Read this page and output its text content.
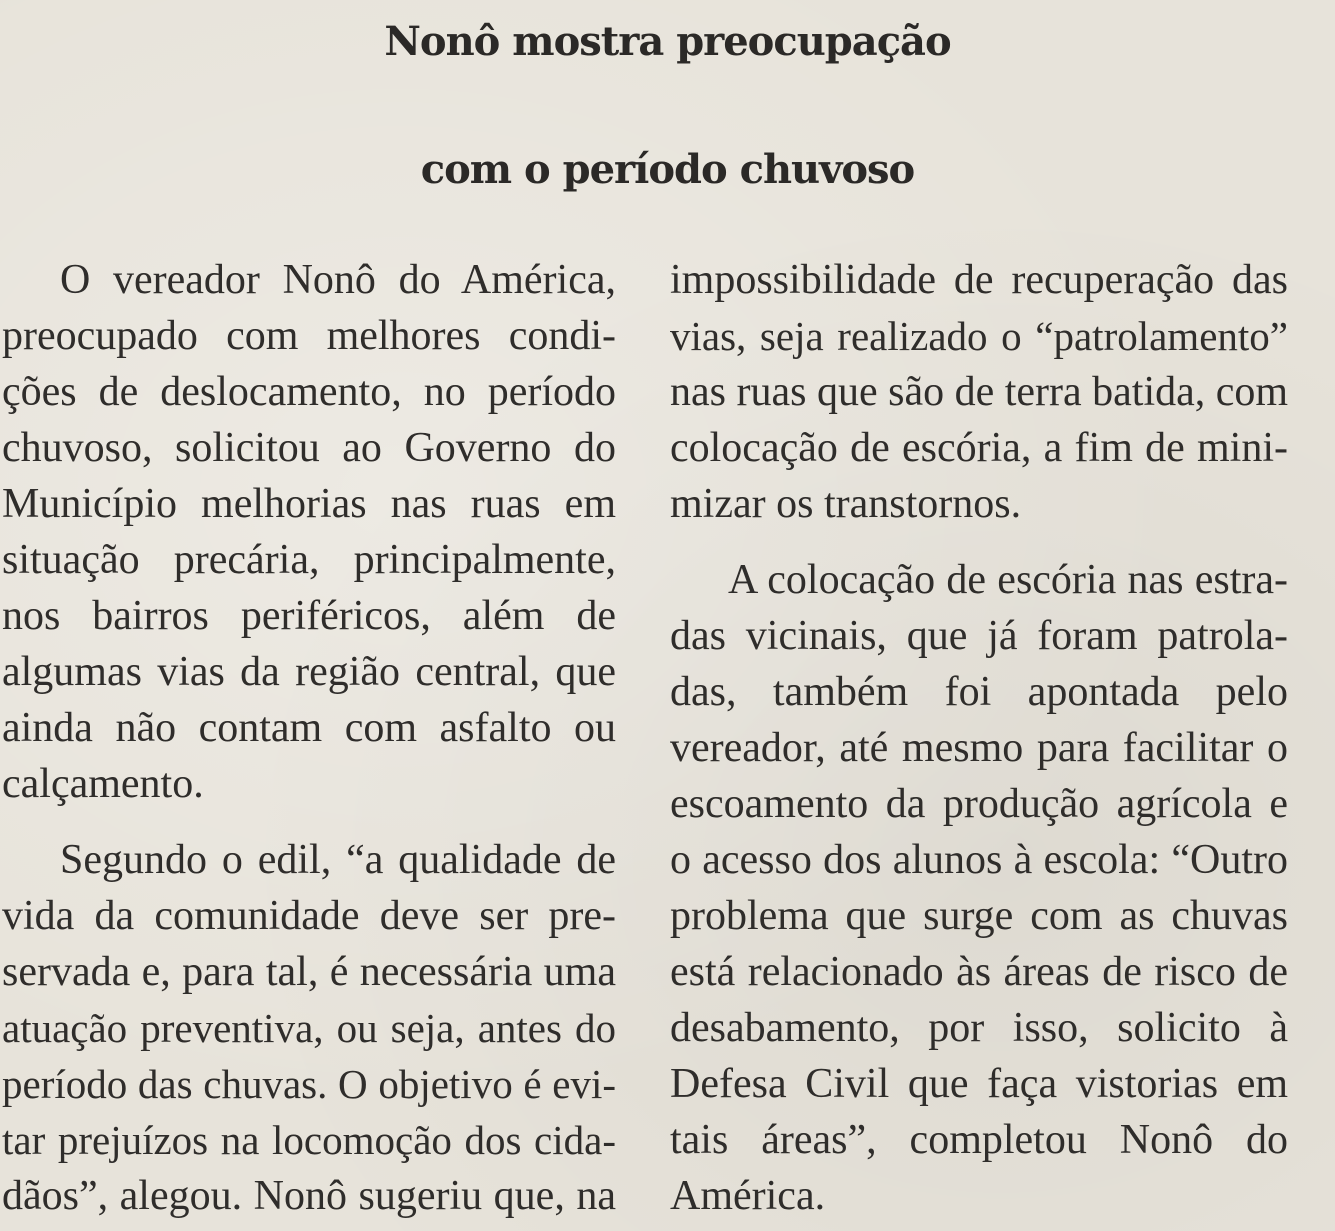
Nonô mostra preocupação
com o período chuvoso
O vereador Nonô do América,
preocupado com melhores condi-
ções de deslocamento, no período
chuvoso, solicitou ao Governo do
Município melhorias nas ruas em
situação precária, principalmente,
nos bairros periféricos, além de
algumas vias da região central, que
ainda não contam com asfalto ou
calçamento.
Segundo o edil, “a qualidade de
vida da comunidade deve ser pre-
servada e, para tal, é necessária uma
atuação preventiva, ou seja, antes do
período das chuvas. O objetivo é evi-
tar prejuízos na locomoção dos cida-
dãos”, alegou. Nonô sugeriu que, na
impossibilidade de recuperação das
vias, seja realizado o “patrolamento”
nas ruas que são de terra batida, com
colocação de escória, a fim de mini-
mizar os transtornos.
A colocação de escória nas estra-
das vicinais, que já foram patrola-
das, também foi apontada pelo
vereador, até mesmo para facilitar o
escoamento da produção agrícola e
o acesso dos alunos à escola: “Outro
problema que surge com as chuvas
está relacionado às áreas de risco de
desabamento, por isso, solicito à
Defesa Civil que faça vistorias em
tais áreas”, completou Nonô do
América.
